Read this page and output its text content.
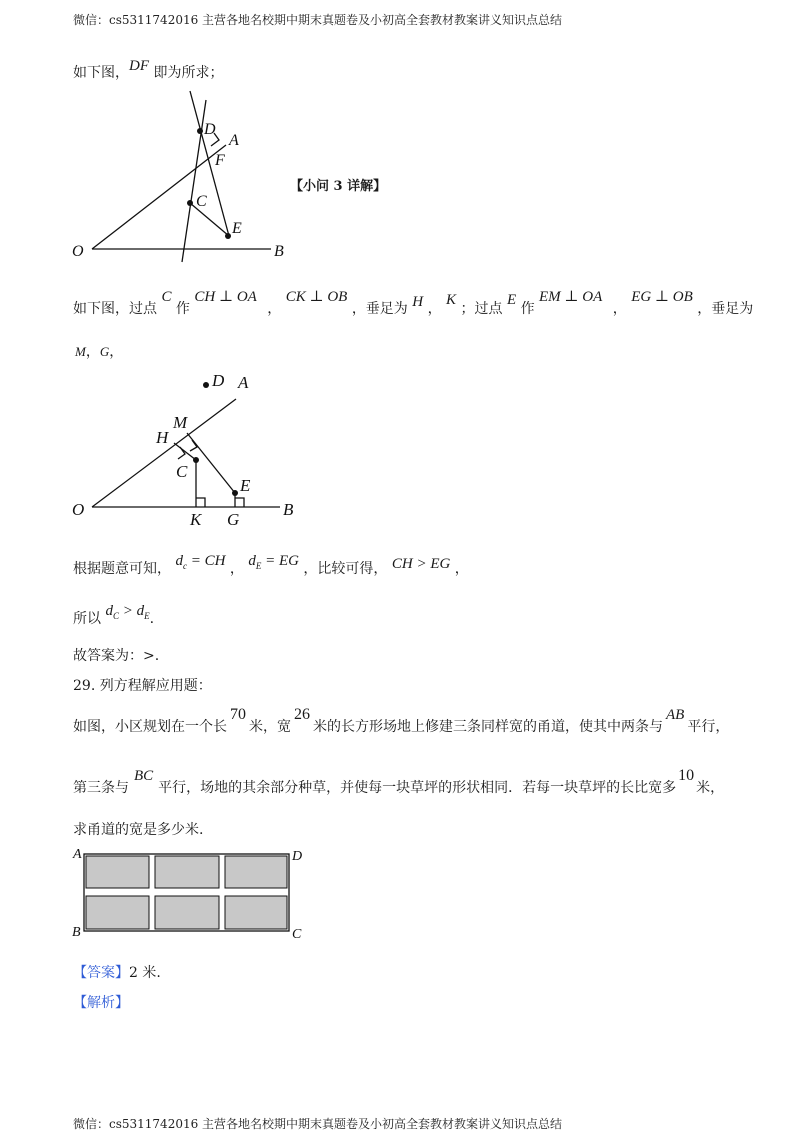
微信：cs5311742016 主营各地名校期中期末真题卷及小初高全套教材教案讲义知识点总结
微信：cs5311742016 主营各地名校期中期末真题卷及小初高全套教材教案讲义知识点总结
如下图，DF 即为所求；
D
A
F
C
E
O	B
【小问 3 详解】
如下图，过点 C 作 CH ⊥ OA ， CK ⊥ OB ，垂足为 H ， K ；过点 E 作 EM ⊥ OA ， EG ⊥ OB ，垂足为
M，G，
D A
M
H
C
E
O
K G
B
根据题意可知， $d_c$ = CH ， $d_E$ = EG ，比较可得， CH > EG ，
所以 $d_C > d_E$.
故答案为：>.
29. 列方程解应用题：
如图，小区规划在一个长70米，宽26米的长方形场地上修建三条同样宽的甬道，使其中两条与AB平行，
第三条与BC平行，场地的其余部分种草，并使每一块草坪的形状相同．若每一块草坪的长比宽多10米，
求甬道的宽是多少米.
A	D
B	C
【答案】2 米.
【解析】
